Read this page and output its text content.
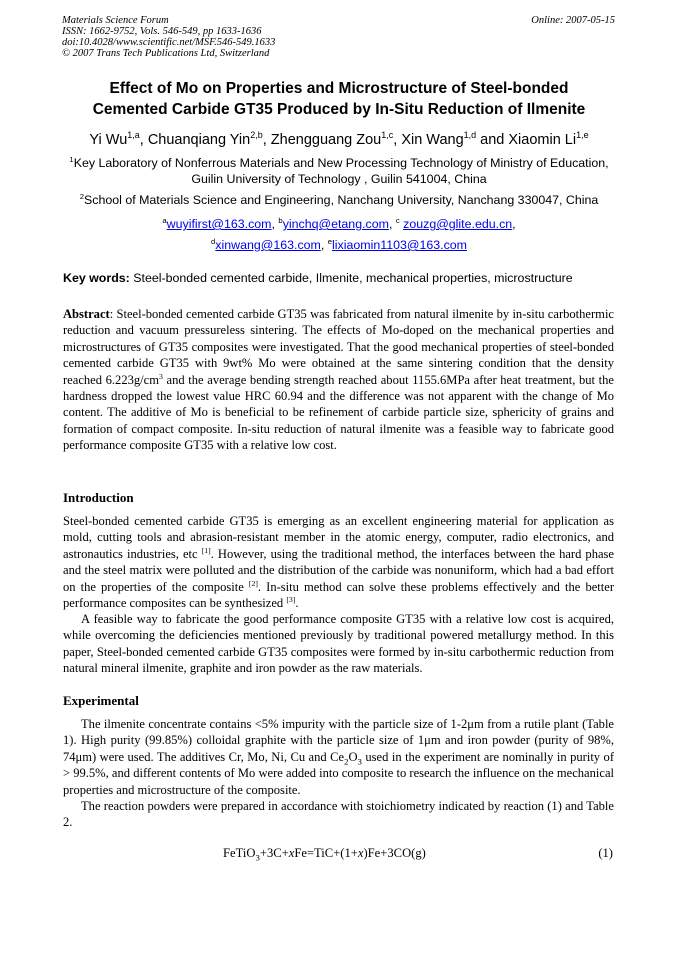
Materials Science Forum
ISSN: 1662-9752, Vols. 546-549, pp 1633-1636
doi:10.4028/www.scientific.net/MSF.546-549.1633
© 2007 Trans Tech Publications Ltd, Switzerland
Online: 2007-05-15
Effect of Mo on Properties and Microstructure of Steel-bonded
Cemented Carbide GT35 Produced by In-Situ Reduction of Ilmenite
Yi Wu$^{1,a}$, Chuanqiang Yin$^{2,b}$, Zhengguang Zou$^{1,c}$, Xin Wang$^{1,d}$ and Xiaomin Li$^{1,e}$
$^1$Key Laboratory of Nonferrous Materials and New Processing Technology of Ministry of Education,
Guilin University of Technology , Guilin 541004, China
$^2$School of Materials Science and Engineering, Nanchang University, Nanchang 330047, China
$^a$wuyifirst@163.com, $^b$yinchq@etang.com, $^c$ zouzg@glite.edu.cn,
$^d$xinwang@163.com, $^e$lixiaomin1103@163.com
Key words: Steel-bonded cemented carbide, Ilmenite, mechanical properties, microstructure

Abstract: Steel-bonded cemented carbide GT35 was fabricated from natural ilmenite by in-situ carbothermic reduction and vacuum pressureless sintering. The effects of Mo-doped on the mechanical properties and microstructures of GT35 composites were investigated. That the good mechanical properties of steel-bonded cemented carbide GT35 with 9wt% Mo were obtained at the same sintering condition that the density reached $6.223g/cm^3$ and the average bending strength reached about 1155.6MPa after heat treatment, but the hardness dropped the lowest value HRC 60.94 and the difference was not apparent with the change of Mo content. The additive of Mo is beneficial to be refinement of carbide particle size, sphericity of grains and formation of compact composite. In-situ reduction of natural ilmenite was a feasible way to fabricate good performance composite GT35 with a relative low cost.

Introduction

Steel-bonded cemented carbide GT35 is emerging as an excellent engineering material for application as mold, cutting tools and abrasion-resistant member in the atomic energy, computer, radio electronics, and astronautics industries, etc [1]. However, using the traditional method, the interfaces between the hard phase and the steel matrix were polluted and the distribution of the carbide was nonuniform, which had a bad effort on the properties of the composite [2]. In-situ method can solve these problems effectively and the better performance composites can be synthesized [3].

A feasible way to fabricate the good performance composite GT35 with a relative low cost is acquired, while overcoming the deficiencies mentioned previously by traditional powered metallurgy method. In this paper, Steel-bonded cemented carbide GT35 composites were formed by in-situ carbothermic reduction from natural mineral ilmenite, graphite and iron powder as the raw materials.

Experimental

The ilmenite concentrate contains <5% impurity with the particle size of 1-2μm from a rutile plant (Table 1). High purity (99.85%) colloidal graphite with the particle size of 1μm and iron powder (purity of 98%, 74μm) were used. The additives Cr, Mo, Ni, Cu and $Ce_2O_3$ used in the experiment are nominally in purity of > 99.5%, and different contents of Mo were added into composite to research the influence on the mechanical properties and microstructure of the composite.

The reaction powders were prepared in accordance with stoichiometry indicated by reaction (1) and Table 2.

FeTiO$_3$+3C+xFe=TiC+(1+x)Fe+3CO(g)	(1)
